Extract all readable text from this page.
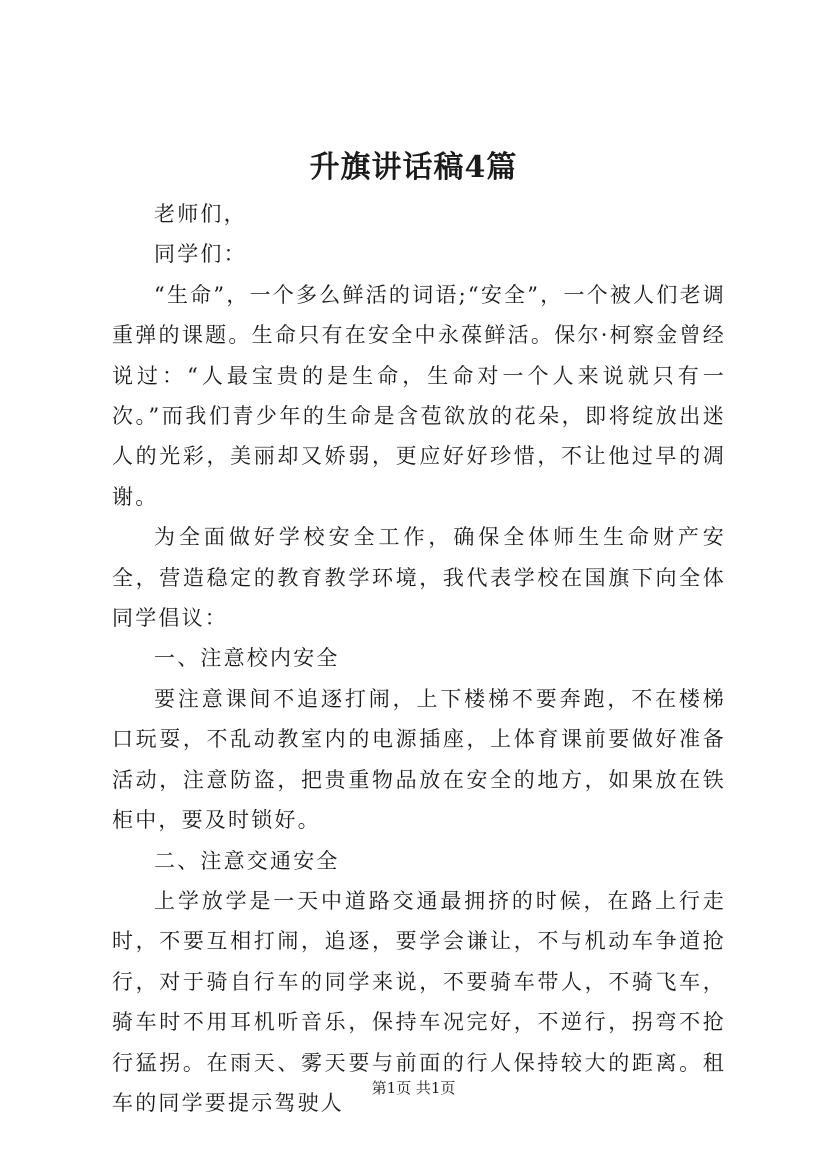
升旗讲话稿4篇

老师们，

同学们：

“生命”，一个多么鲜活的词语;“安全”，一个被人们老调重弹的课题。生命只有在安全中永葆鲜活。保尔·柯察金曾经说过：“人最宝贵的是生命，生命对一个人来说就只有一次。”而我们青少年的生命是含苞欲放的花朵，即将绽放出迷人的光彩，美丽却又娇弱，更应好好珍惜，不让他过早的凋谢。

为全面做好学校安全工作，确保全体师生生命财产安全，营造稳定的教育教学环境，我代表学校在国旗下向全体同学倡议：

一、注意校内安全

要注意课间不追逐打闹，上下楼梯不要奔跑，不在楼梯口玩耍，不乱动教室内的电源插座，上体育课前要做好准备活动，注意防盗，把贵重物品放在安全的地方，如果放在铁柜中，要及时锁好。

二、注意交通安全

上学放学是一天中道路交通最拥挤的时候，在路上行走时，不要互相打闹，追逐，要学会谦让，不与机动车争道抢行，对于骑自行车的同学来说，不要骑车带人，不骑飞车，骑车时不用耳机听音乐，保持车况完好，不逆行，拐弯不抢行猛拐。在雨天、雾天要与前面的行人保持较大的距离。租车的同学要提示驾驶人

第1页 共1页
